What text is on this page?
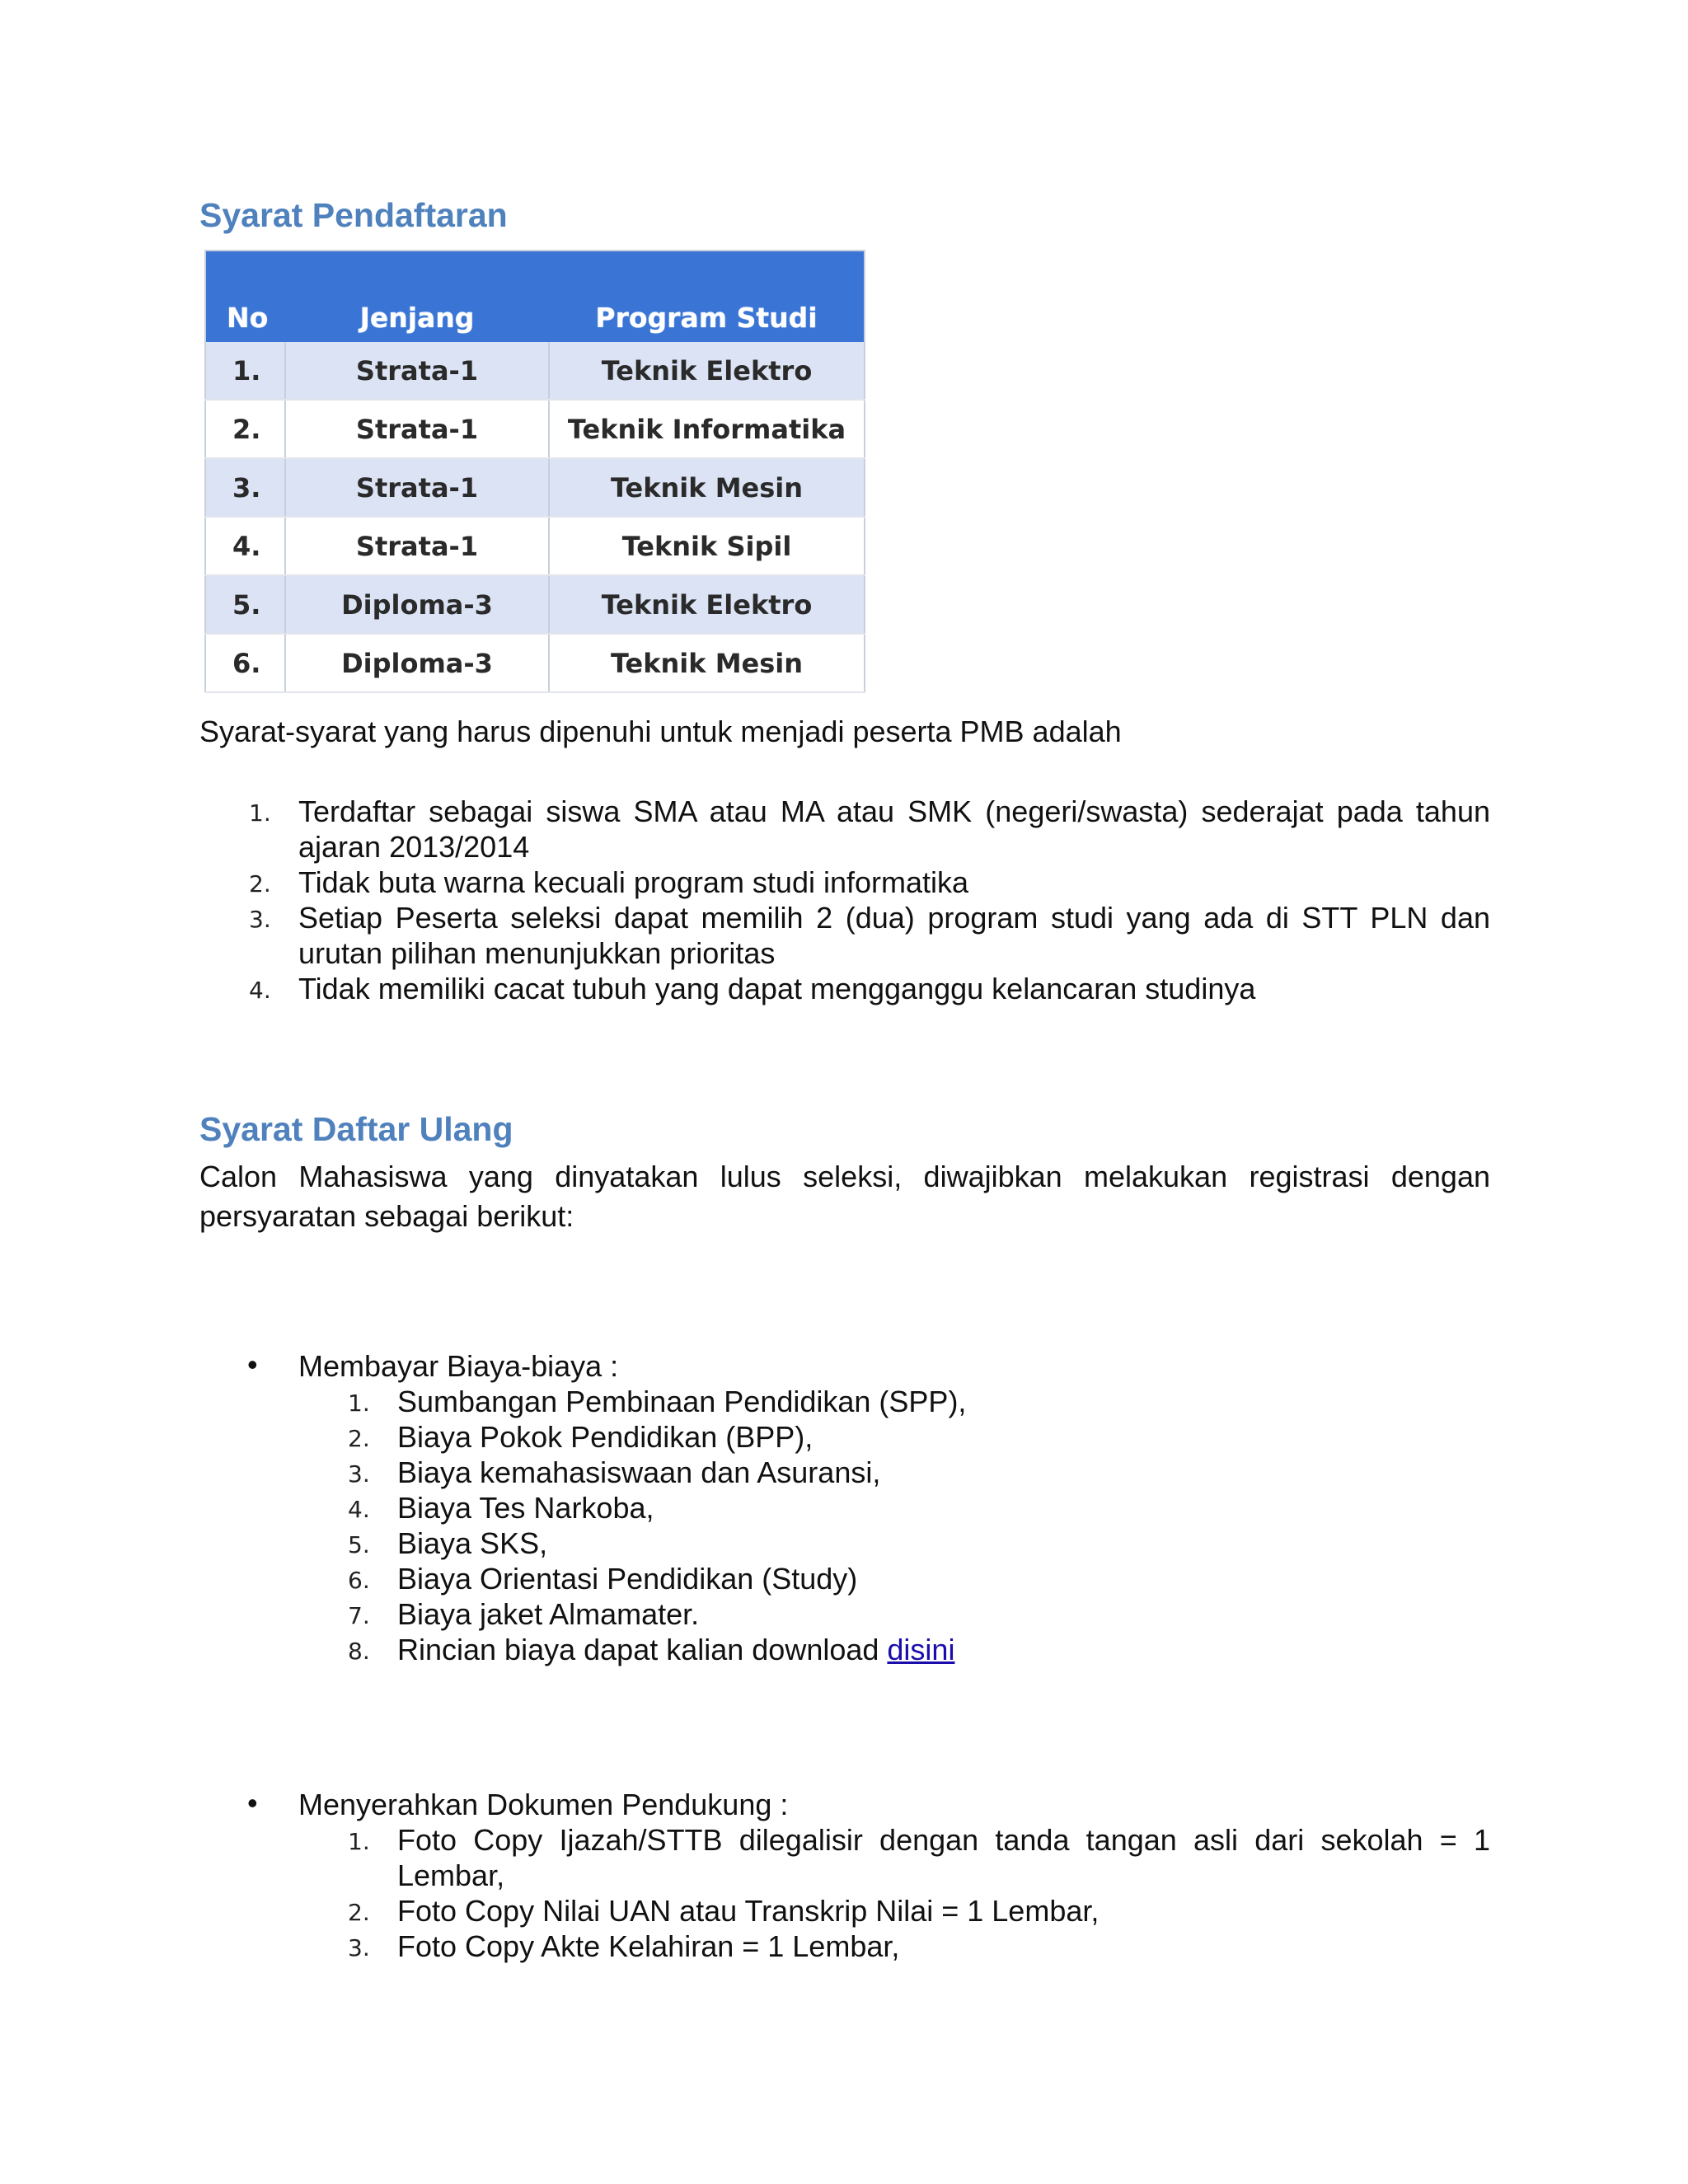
Syarat Pendaftaran
No	Jenjang	Program Studi
1.	Strata-1	Teknik Elektro
2.	Strata-1	Teknik Informatika
3.	Strata-1	Teknik Mesin
4.	Strata-1	Teknik Sipil
5.	Diploma-3	Teknik Elektro
6.	Diploma-3	Teknik Mesin

Syarat-syarat yang harus dipenuhi untuk menjadi peserta PMB adalah

1. Terdaftar sebagai siswa SMA atau MA atau SMK (negeri/swasta) sederajat pada tahun ajaran 2013/2014
2. Tidak buta warna kecuali program studi informatika
3. Setiap Peserta seleksi dapat memilih 2 (dua) program studi yang ada di STT PLN dan urutan pilihan menunjukkan prioritas
4. Tidak memiliki cacat tubuh yang dapat mengganggu kelancaran studinya
Syarat Daftar Ulang

Calon Mahasiswa yang dinyatakan lulus seleksi, diwajibkan melakukan registrasi dengan persyaratan sebagai berikut:

• Membayar Biaya-biaya :
1. Sumbangan Pembinaan Pendidikan (SPP),
2. Biaya Pokok Pendidikan (BPP),
3. Biaya kemahasiswaan dan Asuransi,
4. Biaya Tes Narkoba,
5. Biaya SKS,
6. Biaya Orientasi Pendidikan (Study)
7. Biaya jaket Almamater.
8. Rincian biaya dapat kalian download disini
• Menyerahkan Dokumen Pendukung :
1. Foto Copy Ijazah/STTB dilegalisir dengan tanda tangan asli dari sekolah = 1 Lembar,
2. Foto Copy Nilai UAN atau Transkrip Nilai = 1 Lembar,
3. Foto Copy Akte Kelahiran = 1 Lembar,
